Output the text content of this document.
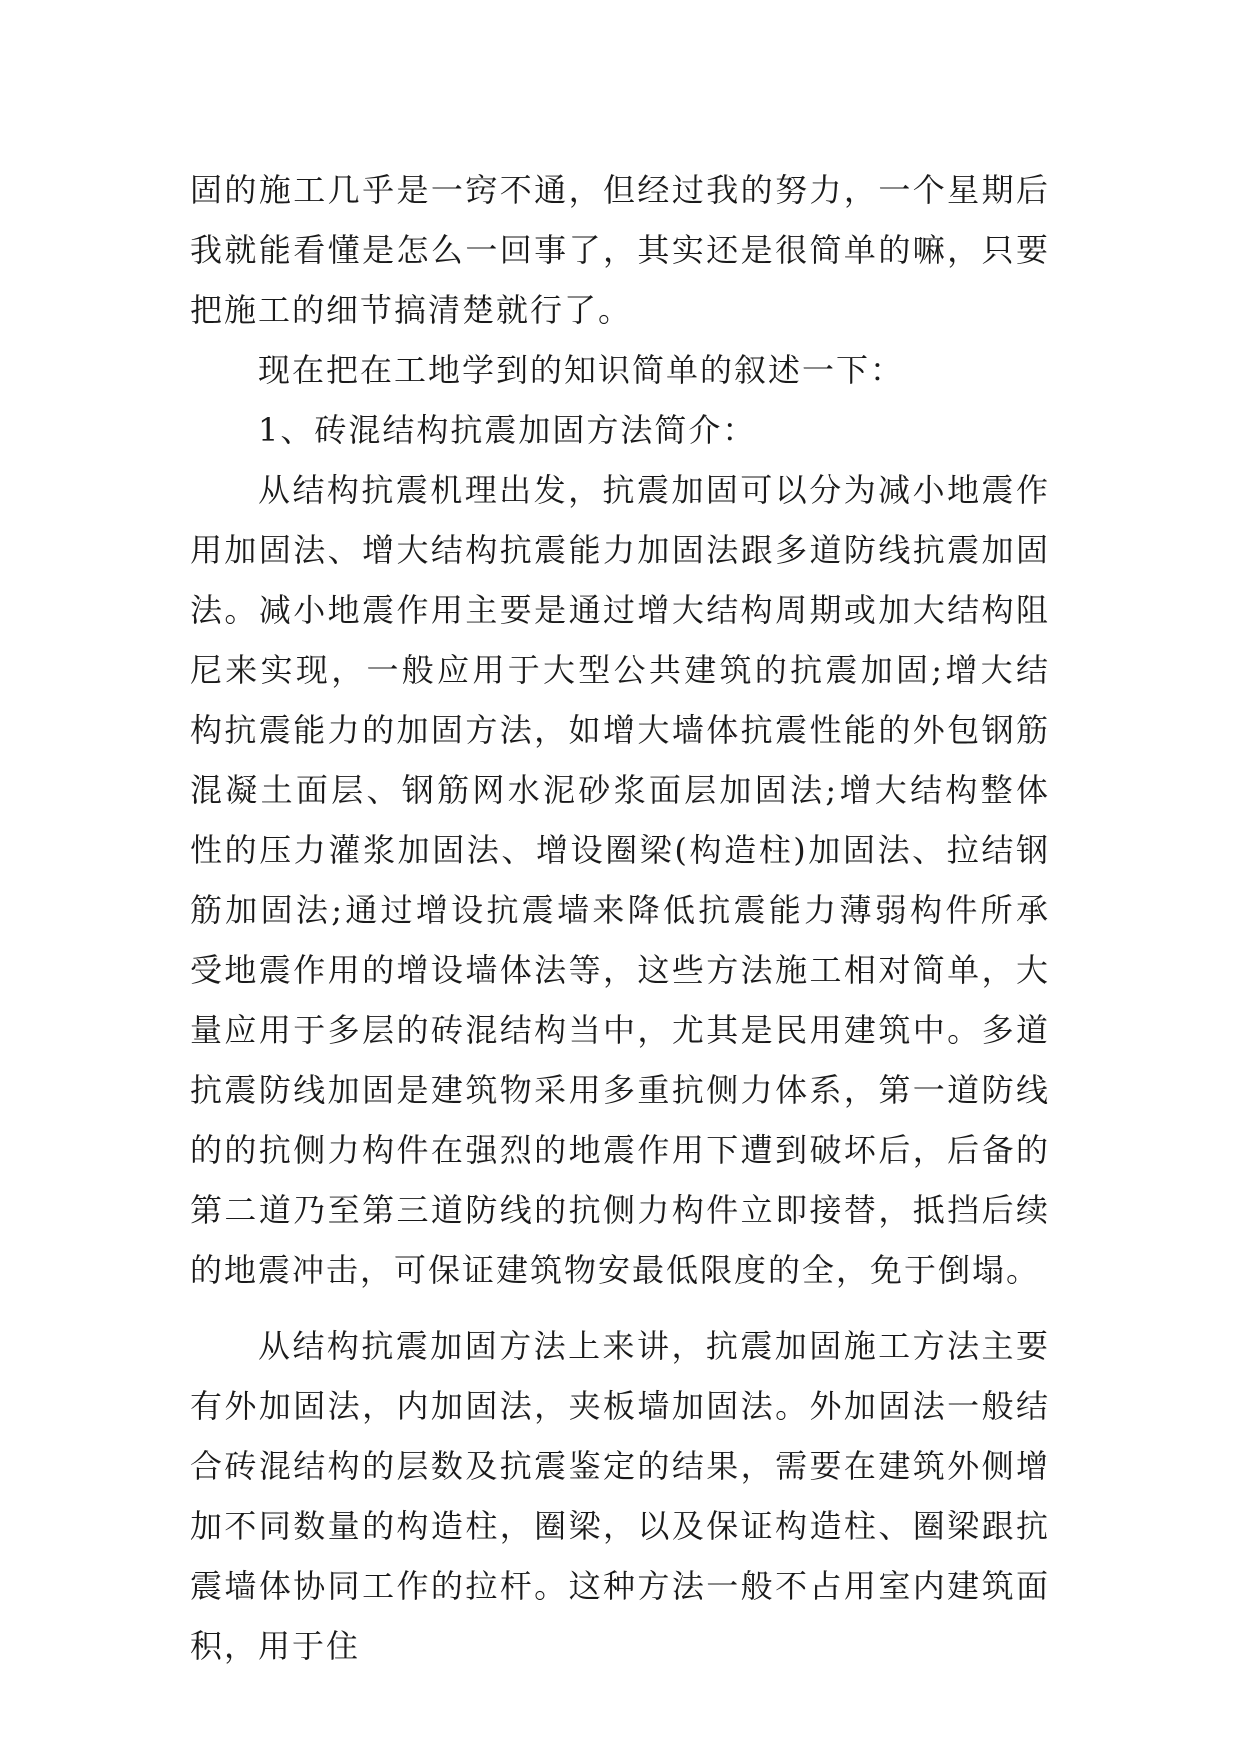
固的施工几乎是一窍不通，但经过我的努力，一个星期后我就能看懂是怎么一回事了，其实还是很简单的嘛，只要把施工的细节搞清楚就行了。

现在把在工地学到的知识简单的叙述一下：

1、砖混结构抗震加固方法简介：

从结构抗震机理出发，抗震加固可以分为减小地震作用加固法、增大结构抗震能力加固法跟多道防线抗震加固法。减小地震作用主要是通过增大结构周期或加大结构阻尼来实现，一般应用于大型公共建筑的抗震加固;增大结构抗震能力的加固方法，如增大墙体抗震性能的外包钢筋混凝土面层、钢筋网水泥砂浆面层加固法;增大结构整体性的压力灌浆加固法、增设圈梁(构造柱)加固法、拉结钢筋加固法;通过增设抗震墙来降低抗震能力薄弱构件所承受地震作用的增设墙体法等，这些方法施工相对简单，大量应用于多层的砖混结构当中，尤其是民用建筑中。多道抗震防线加固是建筑物采用多重抗侧力体系，第一道防线的的抗侧力构件在强烈的地震作用下遭到破坏后，后备的第二道乃至第三道防线的抗侧力构件立即接替，抵挡后续的地震冲击，可保证建筑物安最低限度的全，免于倒塌。

从结构抗震加固方法上来讲，抗震加固施工方法主要有外加固法，内加固法，夹板墙加固法。外加固法一般结合砖混结构的层数及抗震鉴定的结果，需要在建筑外侧增加不同数量的构造柱，圈梁，以及保证构造柱、圈梁跟抗震墙体协同工作的拉杆。这种方法一般不占用室内建筑面积，用于住
